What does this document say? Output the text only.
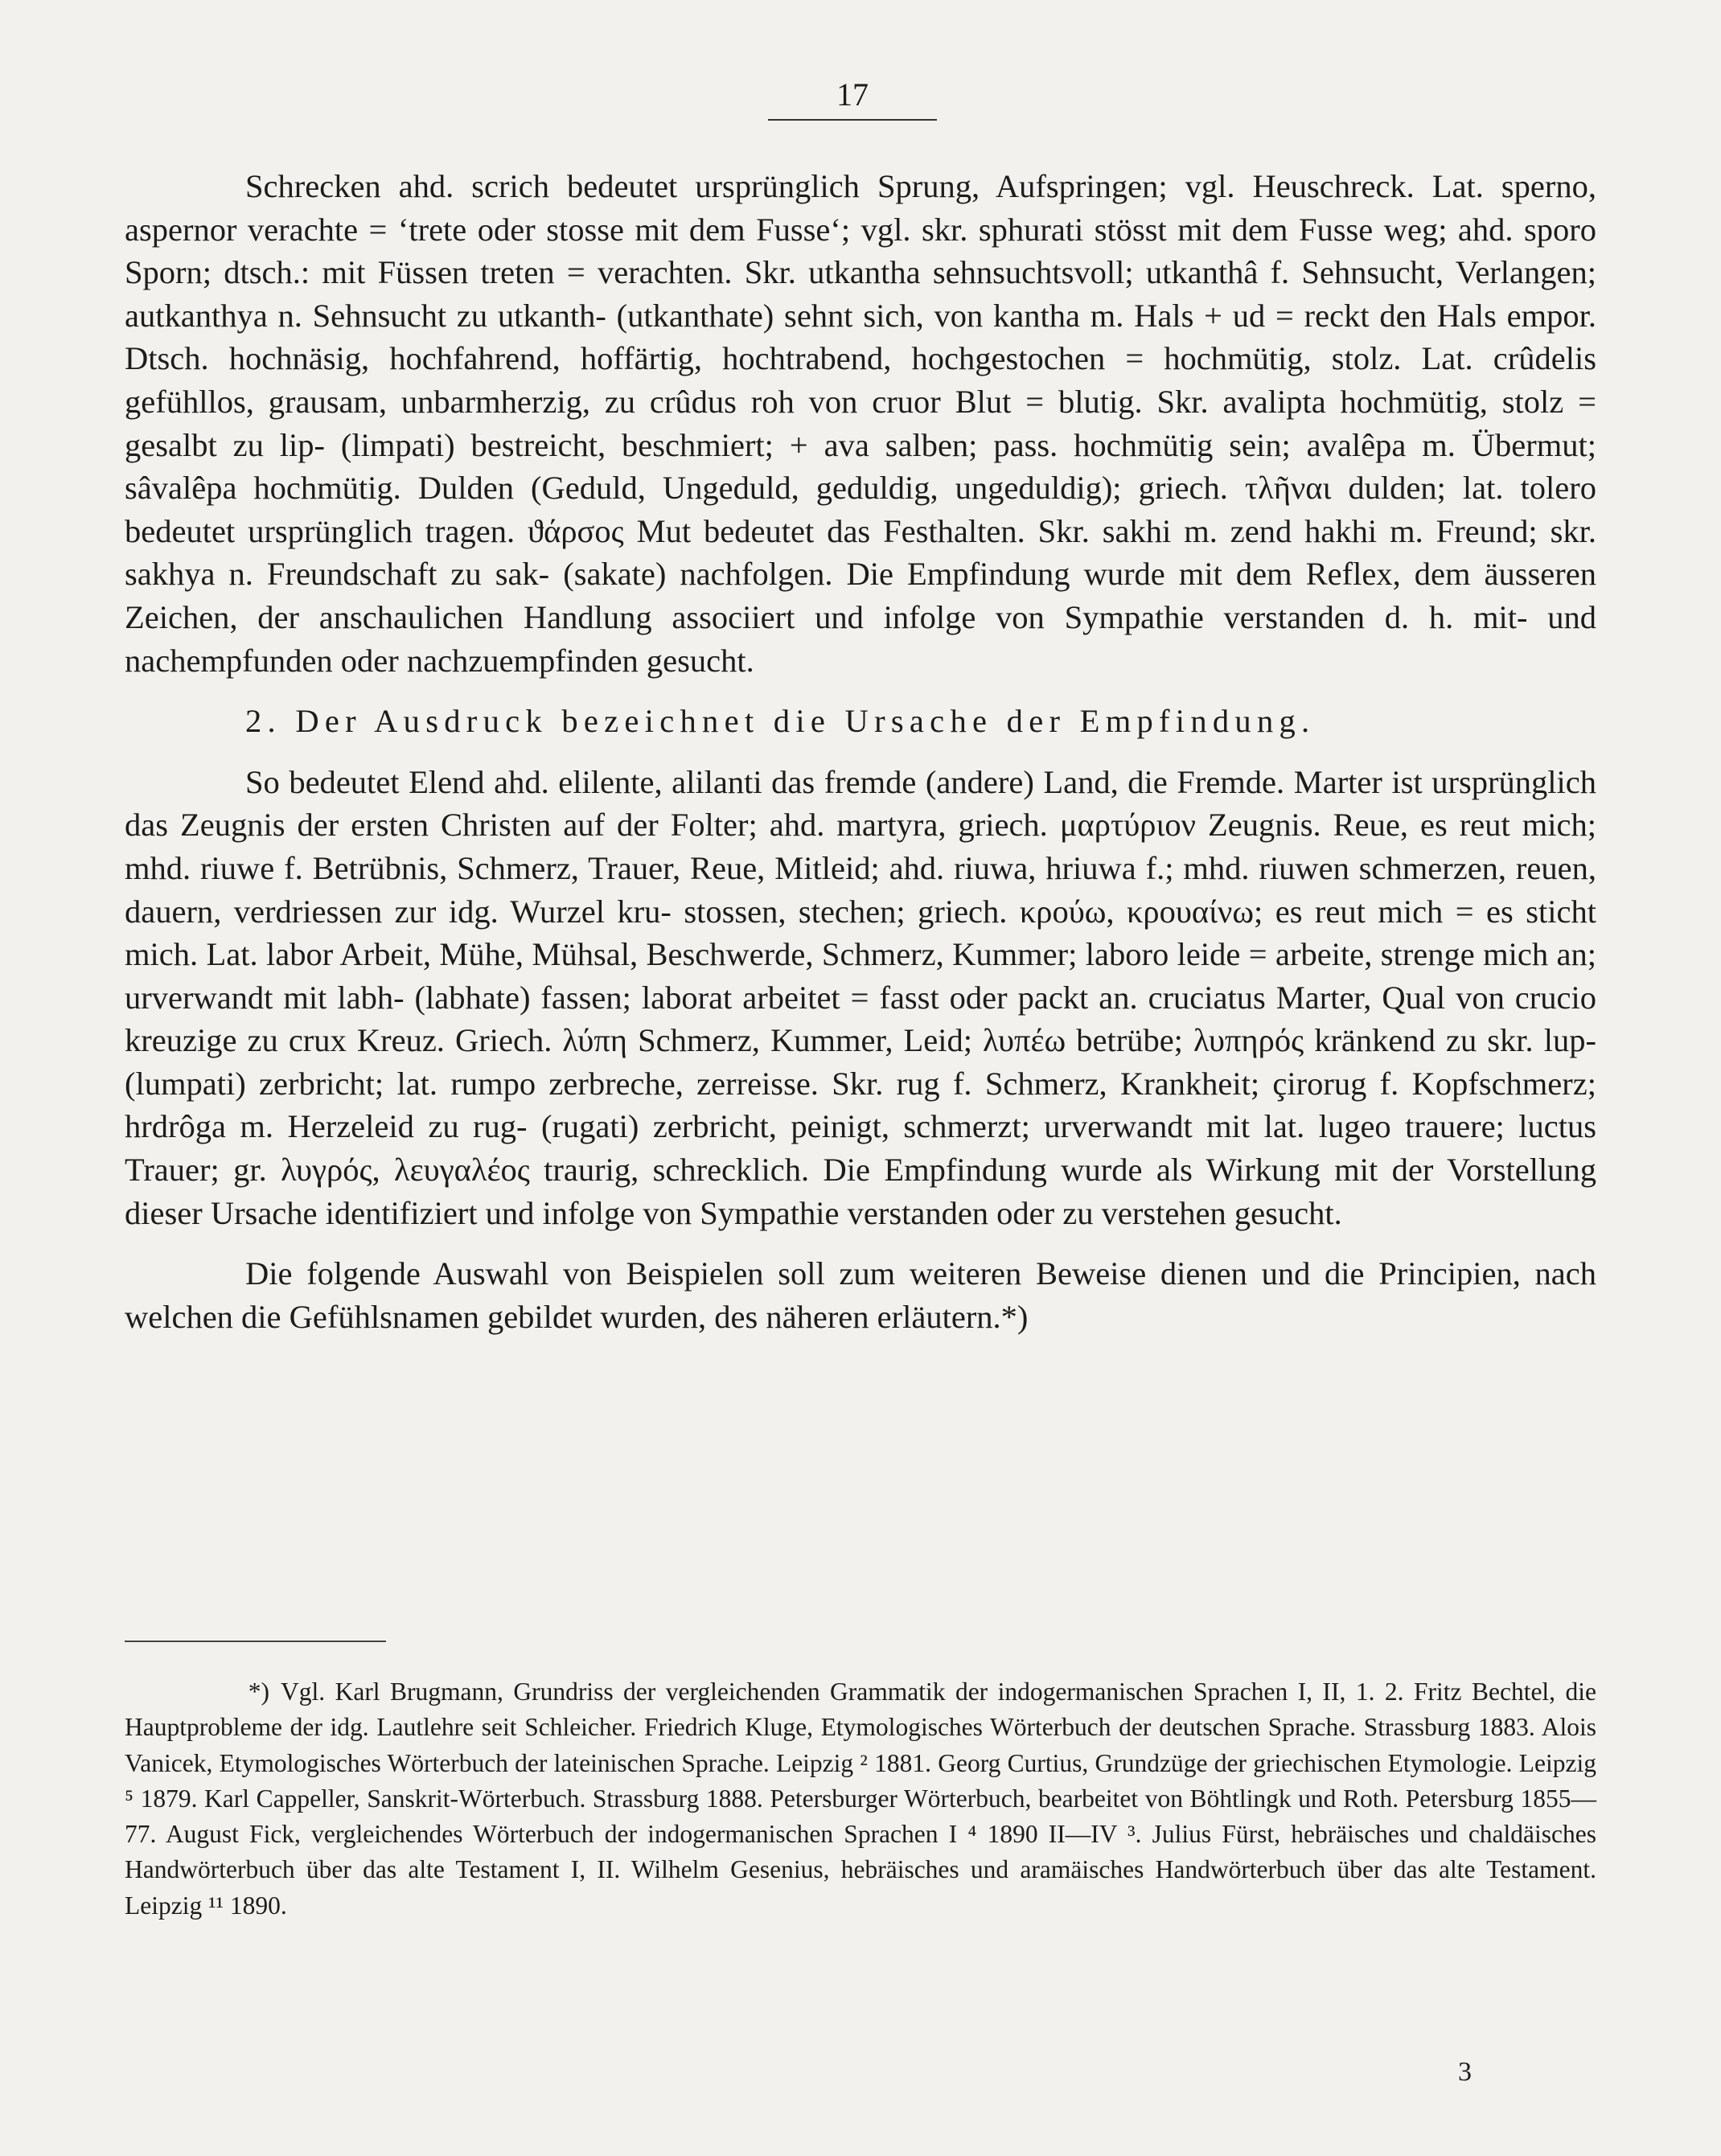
17

Schrecken ahd. scrich bedeutet ursprünglich Sprung, Aufspringen; vgl. Heuschreck. Lat. sperno, aspernor verachte = ‘trete oder stosse mit dem Fusse‘; vgl. skr. sphurati stösst mit dem Fusse weg; ahd. sporo Sporn; dtsch.: mit Füssen treten = verachten. Skr. utkantha sehnsuchtsvoll; utkanthâ f. Sehnsucht, Verlangen; autkanthya n. Sehnsucht zu utkanth- (utkanthate) sehnt sich, von kantha m. Hals + ud = reckt den Hals empor. Dtsch. hochnäsig, hochfahrend, hoffärtig, hochtrabend, hochgestochen = hochmütig, stolz. Lat. crûdelis gefühllos, grausam, unbarmherzig, zu crûdus roh von cruor Blut = blutig. Skr. avalipta hochmütig, stolz = gesalbt zu lip- (limpati) bestreicht, beschmiert; + ava salben; pass. hochmütig sein; avalêpa m. Übermut; sâvalêpa hochmütig. Dulden (Geduld, Ungeduld, geduldig, ungeduldig); griech. τλῆναι dulden; lat. tolero bedeutet ursprünglich tragen. ϑάρσος Mut bedeutet das Festhalten. Skr. sakhi m. zend hakhi m. Freund; skr. sakhya n. Freundschaft zu sak- (sakate) nachfolgen. Die Empfindung wurde mit dem Reflex, dem äusseren Zeichen, der anschaulichen Handlung associiert und infolge von Sympathie verstanden d. h. mit- und nachempfunden oder nachzuempfinden gesucht.

2. Der Ausdruck bezeichnet die Ursache der Empfindung.

So bedeutet Elend ahd. elilente, alilanti das fremde (andere) Land, die Fremde. Marter ist ursprünglich das Zeugnis der ersten Christen auf der Folter; ahd. martyra, griech. μαρτύριον Zeugnis. Reue, es reut mich; mhd. riuwe f. Betrübnis, Schmerz, Trauer, Reue, Mitleid; ahd. riuwa, hriuwa f.; mhd. riuwen schmerzen, reuen, dauern, verdriessen zur idg. Wurzel kru- stossen, stechen; griech. κρούω, κρουαίνω; es reut mich = es sticht mich. Lat. labor Arbeit, Mühe, Mühsal, Beschwerde, Schmerz, Kummer; laboro leide = arbeite, strenge mich an; urverwandt mit labh- (labhate) fassen; laborat arbeitet = fasst oder packt an. cruciatus Marter, Qual von crucio kreuzige zu crux Kreuz. Griech. λύπη Schmerz, Kummer, Leid; λυπέω betrübe; λυπηρός kränkend zu skr. lup- (lumpati) zerbricht; lat. rumpo zerbreche, zerreisse. Skr. rug f. Schmerz, Krankheit; çirorug f. Kopfschmerz; hrdrôga m. Herzeleid zu rug- (rugati) zerbricht, peinigt, schmerzt; urverwandt mit lat. lugeo trauere; luctus Trauer; gr. λυγρός, λευγαλέος traurig, schrecklich. Die Empfindung wurde als Wirkung mit der Vorstellung dieser Ursache identifiziert und infolge von Sympathie verstanden oder zu verstehen gesucht.

Die folgende Auswahl von Beispielen soll zum weiteren Beweise dienen und die Principien, nach welchen die Gefühlsnamen gebildet wurden, des näheren erläutern.*)

*) Vgl. Karl Brugmann, Grundriss der vergleichenden Grammatik der indogermanischen Sprachen I, II, 1. 2. Fritz Bechtel, die Hauptprobleme der idg. Lautlehre seit Schleicher. Friedrich Kluge, Etymologisches Wörterbuch der deutschen Sprache. Strassburg 1883. Alois Vanicek, Etymologisches Wörterbuch der lateinischen Sprache. Leipzig ² 1881. Georg Curtius, Grundzüge der griechischen Etymologie. Leipzig ⁵ 1879. Karl Cappeller, Sanskrit-Wörterbuch. Strassburg 1888. Petersburger Wörterbuch, bearbeitet von Böhtlingk und Roth. Petersburg 1855—77. August Fick, vergleichendes Wörterbuch der indogermanischen Sprachen I ⁴ 1890 II—IV ³. Julius Fürst, hebräisches und chaldäisches Handwörterbuch über das alte Testament I, II. Wilhelm Gesenius, hebräisches und aramäisches Handwörterbuch über das alte Testament. Leipzig ¹¹ 1890.
3
